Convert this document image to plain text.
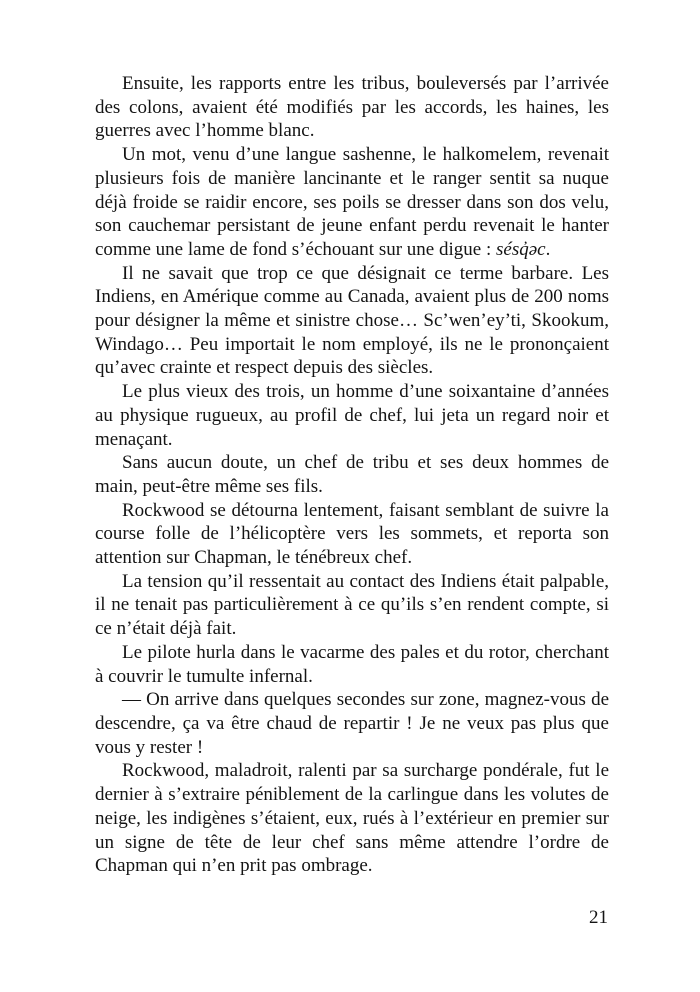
Ensuite, les rapports entre les tribus, bouleversés par l’arrivée des colons, avaient été modifiés par les accords, les haines, les guerres avec l’homme blanc.

Un mot, venu d’une langue sashenne, le halkomelem, revenait plusieurs fois de manière lancinante et le ranger sentit sa nuque déjà froide se raidir encore, ses poils se dresser dans son dos velu, son cauchemar persistant de jeune enfant perdu revenait le hanter comme une lame de fond s’échouant sur une digue : sésq̓əc.

Il ne savait que trop ce que désignait ce terme barbare. Les Indiens, en Amérique comme au Canada, avaient plus de 200 noms pour désigner la même et sinistre chose… Sc’wen’ey’ti, Skookum, Windago… Peu importait le nom employé, ils ne le prononçaient qu’avec crainte et respect depuis des siècles.

Le plus vieux des trois, un homme d’une soixantaine d’années au physique rugueux, au profil de chef, lui jeta un regard noir et menaçant.

Sans aucun doute, un chef de tribu et ses deux hommes de main, peut-être même ses fils.

Rockwood se détourna lentement, faisant semblant de suivre la course folle de l’hélicoptère vers les sommets, et reporta son attention sur Chapman, le ténébreux chef.

La tension qu’il ressentait au contact des Indiens était palpable, il ne tenait pas particulièrement à ce qu’ils s’en rendent compte, si ce n’était déjà fait.

Le pilote hurla dans le vacarme des pales et du rotor, cherchant à couvrir le tumulte infernal.

— On arrive dans quelques secondes sur zone, magnez-vous de descendre, ça va être chaud de repartir ! Je ne veux pas plus que vous y rester !

Rockwood, maladroit, ralenti par sa surcharge pondérale, fut le dernier à s’extraire péniblement de la carlingue dans les volutes de neige, les indigènes s’étaient, eux, rués à l’extérieur en premier sur un signe de tête de leur chef sans même attendre l’ordre de Chapman qui n’en prit pas ombrage.

21
